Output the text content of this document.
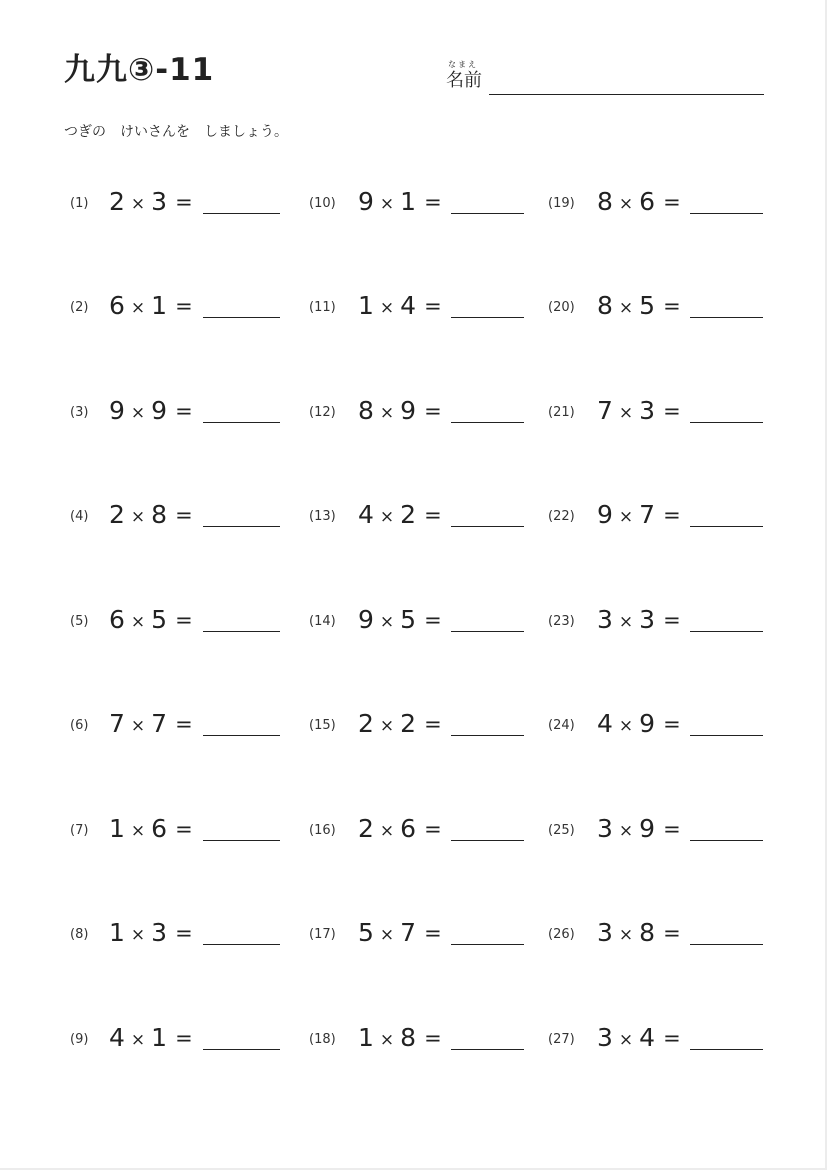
九九③-11	なまえ
名前
つぎの　けいさんを　しましょう。
(1) 2 × 3 =
(2) 6 × 1 =
(3) 9 × 9 =
(4) 2 × 8 =
(5) 6 × 5 =
(6) 7 × 7 =
(7) 1 × 6 =
(8) 1 × 3 =
(9) 4 × 1 =
(10) 9 × 1 =
(11) 1 × 4 =
(12) 8 × 9 =
(13) 4 × 2 =
(14) 9 × 5 =
(15) 2 × 2 =
(16) 2 × 6 =
(17) 5 × 7 =
(18) 1 × 8 =
(19) 8 × 6 =
(20) 8 × 5 =
(21) 7 × 3 =
(22) 9 × 7 =
(23) 3 × 3 =
(24) 4 × 9 =
(25) 3 × 9 =
(26) 3 × 8 =
(27) 3 × 4 =
